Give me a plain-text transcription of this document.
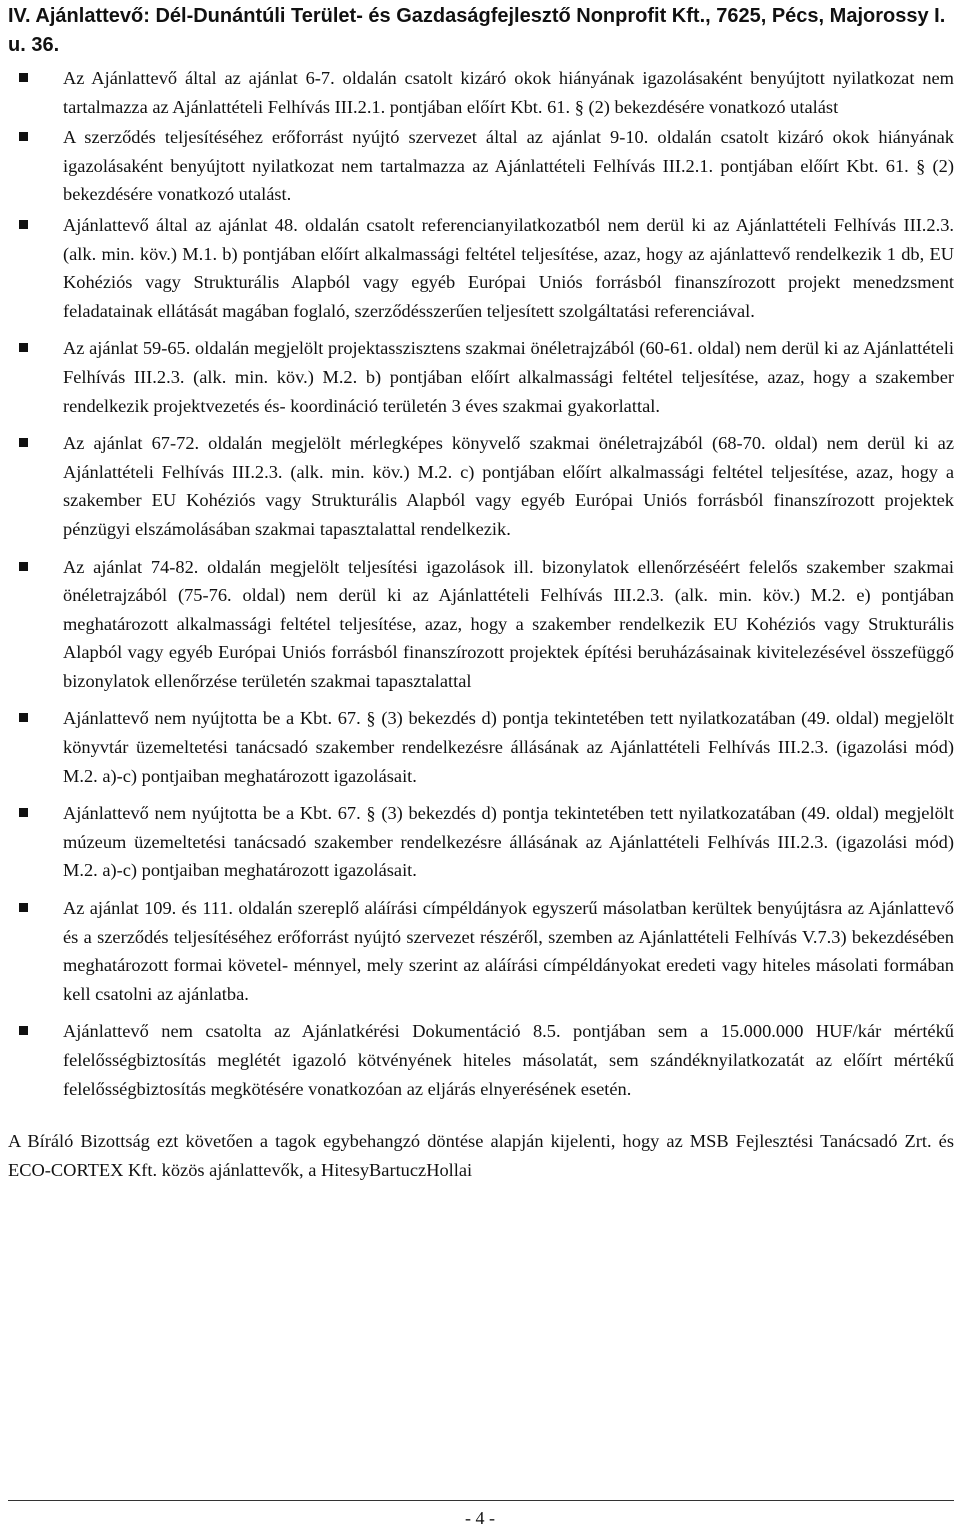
IV. Ajánlattevő: Dél-Dunántúli Terület- és Gazdaságfejlesztő Nonprofit Kft., 7625, Pécs, Majorossy I. u. 36.
Az Ajánlattevő által az ajánlat 6-7. oldalán csatolt kizáró okok hiányának igazolásaként benyújtott nyilatkozat nem tartalmazza az Ajánlattételi Felhívás III.2.1. pontjában előírt Kbt. 61. § (2) bekezdésére vonatkozó utalást
A szerződés teljesítéséhez erőforrást nyújtó szervezet által az ajánlat 9-10. oldalán csatolt kizáró okok hiányának igazolásaként benyújtott nyilatkozat nem tartalmazza az Ajánlattételi Felhívás III.2.1. pontjában előírt Kbt. 61. § (2) bekezdésére vonatkozó utalást.
Ajánlattevő által az ajánlat 48. oldalán csatolt referencianyilatkozatból nem derül ki az Ajánlattételi Felhívás III.2.3. (alk. min. köv.) M.1. b) pontjában előírt alkalmassági feltétel teljesítése, azaz, hogy az ajánlattevő rendelkezik 1 db, EU Kohéziós vagy Strukturális Alapból vagy egyéb Európai Uniós forrásból finanszírozott projekt menedzsment feladatainak ellátását magában foglaló, szerződésszerűen teljesített szolgáltatási referenciával.
Az ajánlat 59-65. oldalán megjelölt projektasszisztens szakmai önéletrajzából (60-61. oldal) nem derül ki az Ajánlattételi Felhívás III.2.3. (alk. min. köv.) M.2. b) pontjában előírt alkalmassági feltétel teljesítése, azaz, hogy a szakember rendelkezik projektvezetés és- koordináció területén 3 éves szakmai gyakorlattal.
Az ajánlat 67-72. oldalán megjelölt mérlegképes könyvelő szakmai önéletrajzából (68-70. oldal) nem derül ki az Ajánlattételi Felhívás III.2.3. (alk. min. köv.) M.2. c) pontjában előírt alkalmassági feltétel teljesítése, azaz, hogy a szakember EU Kohéziós vagy Strukturális Alapból vagy egyéb Európai Uniós forrásból finanszírozott projektek pénzügyi elszámolásában szakmai tapasztalattal rendelkezik.
Az ajánlat 74-82. oldalán megjelölt teljesítési igazolások ill. bizonylatok ellenőrzéséért felelős szakember szakmai önéletrajzából (75-76. oldal) nem derül ki az Ajánlattételi Felhívás III.2.3. (alk. min. köv.) M.2. e) pontjában meghatározott alkalmassági feltétel teljesítése, azaz, hogy a szakember rendelkezik EU Kohéziós vagy Strukturális Alapból vagy egyéb Európai Uniós forrásból finanszírozott projektek építési beruházásainak kivitelezésével összefüggő bizonylatok ellenőrzése területén szakmai tapasztalattal
Ajánlattevő nem nyújtotta be a Kbt. 67. § (3) bekezdés d) pontja tekintetében tett nyilatkozatában (49. oldal) megjelölt könyvtár üzemeltetési tanácsadó szakember rendelkezésre állásának az Ajánlattételi Felhívás III.2.3. (igazolási mód) M.2. a)-c) pontjaiban meghatározott igazolásait.
Ajánlattevő nem nyújtotta be a Kbt. 67. § (3) bekezdés d) pontja tekintetében tett nyilatkozatában (49. oldal) megjelölt múzeum üzemeltetési tanácsadó szakember rendelkezésre állásának az Ajánlattételi Felhívás III.2.3. (igazolási mód) M.2. a)-c) pontjaiban meghatározott igazolásait.
Az ajánlat 109. és 111. oldalán szereplő aláírási címpéldányok egyszerű másolatban kerültek benyújtásra az Ajánlattevő és a szerződés teljesítéséhez erőforrást nyújtó szervezet részéről, szemben az Ajánlattételi Felhívás V.7.3) bekezdésében meghatározott formai követel- ménnyel, mely szerint az aláírási címpéldányokat eredeti vagy hiteles másolati formában kell csatolni az ajánlatba.
Ajánlattevő nem csatolta az Ajánlatkérési Dokumentáció 8.5. pontjában sem a 15.000.000 HUF/kár mértékű felelősségbiztosítás meglétét igazoló kötvényének hiteles másolatát, sem szándéknyilatkozatát az előírt mértékű felelősségbiztosítás megkötésére vonatkozóan az eljárás elnyerésének esetén.

A Bíráló Bizottság ezt követően a tagok egybehangzó döntése alapján kijelenti, hogy az MSB Fejlesztési Tanácsadó Zrt. és ECO-CORTEX Kft. közös ajánlattevők, a HitesyBartuczHollai

- 4 -
